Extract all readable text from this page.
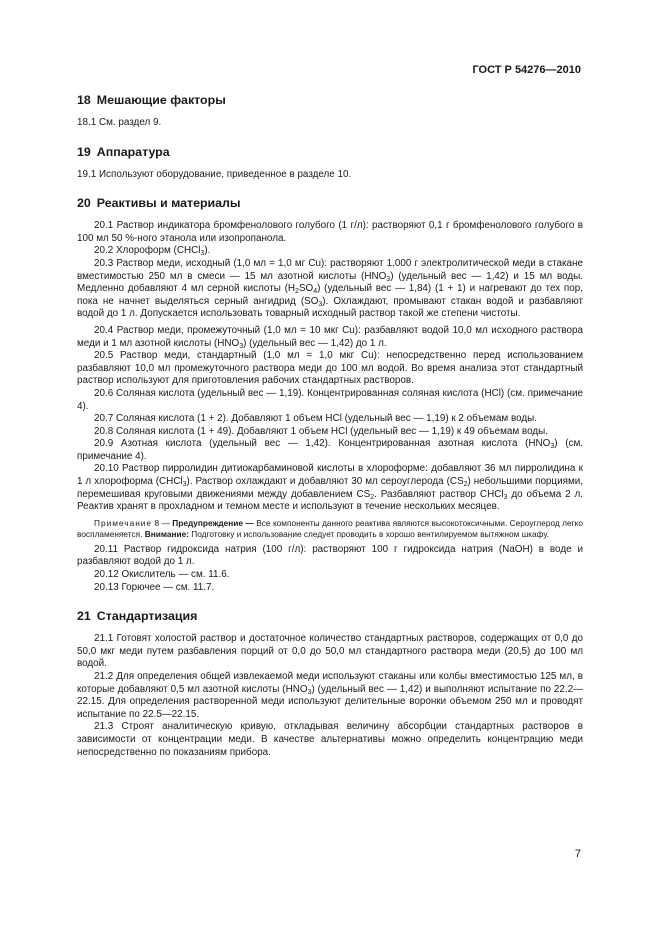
ГОСТ Р 54276—2010
18 Мешающие факторы

18.1 См. раздел 9.

19 Аппаратура

19.1 Используют оборудование, приведенное в разделе 10.

20 Реактивы и материалы

20.1 Раствор индикатора бромфенолового голубого (1 г/л): растворяют 0,1 г бромфенолового голубого в 100 мл 50 %-ного этанола или изопропанола.

20.2 Хлороформ (CHCl$_3$).

20.3 Раствор меди, исходный (1,0 мл = 1,0 мг Cu): растворяют 1,000 г электролитической меди в стакане вместимостью 250 мл в смеси — 15 мл азотной кислоты $(HNO_3)$ (удельный вес — 1,42) и 15 мл воды. Медленно добавляют 4 мл серной кислоты $(H_2SO_4)$ (удельный вес — 1,84) (1 + 1) и нагревают до тех пор, пока не начнет выделяться серный ангидрид $(SO_3)$. Охлаждают, промывают стакан водой и разбавляют водой до 1 л. Допускается использовать товарный исходный раствор такой же степени чистоты.

20.4 Раствор меди, промежуточный (1,0 мл = 10 мкг Cu): разбавляют водой 10,0 мл исходного раствора меди и 1 мл азотной кислоты $(HNO_3)$ (удельный вес — 1,42) до 1 л.

20.5 Раствор меди, стандартный (1,0 мл = 1,0 мкг Cu): непосредственно перед использованием разбавляют 10,0 мл промежуточного раствора меди до 100 мл водой. Во время анализа этот стандартный раствор используют для приготовления рабочих стандартных растворов.

20.6 Соляная кислота (удельный вес — 1,19). Концентрированная соляная кислота (HCl) (см. примечание 4).

20.7 Соляная кислота (1 + 2). Добавляют 1 объем HCl (удельный вес — 1,19) к 2 объемам воды.

20.8 Соляная кислота (1 + 49). Добавляют 1 объем HCl (удельный вес — 1,19) к 49 объемам воды.

20.9 Азотная кислота (удельный вес — 1,42). Концентрированная азотная кислота $(HNO_3)$ (см. примечание 4).

20.10 Раствор пирролидин дитиокарбаминовой кислоты в хлороформе: добавляют 36 мл пирролидина к 1 л хлороформа (CHCl$_3$). Раствор охлаждают и добавляют 30 мл сероуглерода $(CS_2)$ небольшими порциями, перемешивая круговыми движениями между добавлением $CS_2$. Разбавляют раствор CHCl$_3$ до объема 2 л. Реактив хранят в прохладном и темном месте и используют в течение нескольких месяцев.

Примечание 8 — Предупреждение — Все компоненты данного реактива являются высокотоксичными. Сероуглерод легко воспламеняется. Внимание: Подготовку и использование следует проводить в хорошо вентилируемом вытяжном шкафу.

20.11 Раствор гидроксида натрия (100 г/л): растворяют 100 г гидроксида натрия (NaOH) в воде и разбавляют водой до 1 л.

20.12 Окислитель — см. 11.6.

20.13 Горючее — см. 11.7.

21 Стандартизация

21.1 Готовят холостой раствор и достаточное количество стандартных растворов, содержащих от 0,0 до 50,0 мкг меди путем разбавления порций от 0,0 до 50,0 мл стандартного раствора меди (20,5) до 100 мл водой.

21.2 Для определения общей извлекаемой меди используют стаканы или колбы вместимостью 125 мл, в которые добавляют 0,5 мл азотной кислоты $(HNO_3)$ (удельный вес — 1,42) и выполняют испытание по 22.2—22.15. Для определения растворенной меди используют делительные воронки объемом 250 мл и проводят испытание по 22.5—22.15.

21.3 Строят аналитическую кривую, откладывая величину абсорбции стандартных растворов в зависимости от концентрации меди. В качестве альтернативы можно определить концентрацию меди непосредственно по показаниям прибора.

7
